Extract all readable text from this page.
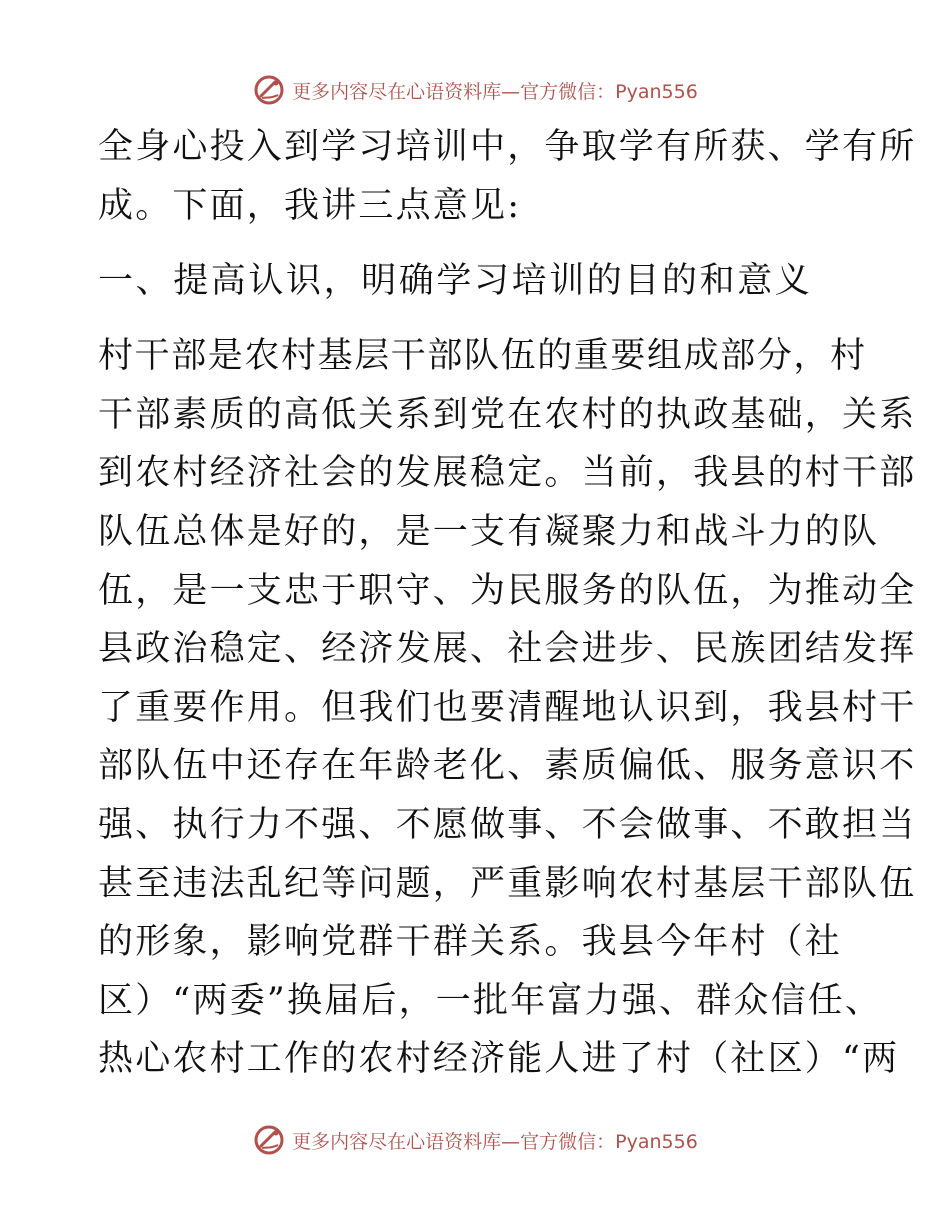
更多内容尽在心语资料库—官方微信：Pyan556
全身心投入到学习培训中，争取学有所获、学有所
成。下面，我讲三点意见:
一、提高认识，明确学习培训的目的和意义
村干部是农村基层干部队伍的重要组成部分，村
干部素质的高低关系到党在农村的执政基础，关系
到农村经济社会的发展稳定。当前，我县的村干部
队伍总体是好的，是一支有凝聚力和战斗力的队
伍，是一支忠于职守、为民服务的队伍，为推动全
县政治稳定、经济发展、社会进步、民族团结发挥
了重要作用。但我们也要清醒地认识到，我县村干
部队伍中还存在年龄老化、素质偏低、服务意识不
强、执行力不强、不愿做事、不会做事、不敢担当
甚至违法乱纪等问题，严重影响农村基层干部队伍
的形象，影响党群干群关系。我县今年村（社
区）“两委”换届后，一批年富力强、群众信任、
热心农村工作的农村经济能人进了村（社区）“两
更多内容尽在心语资料库—官方微信：Pyan556
